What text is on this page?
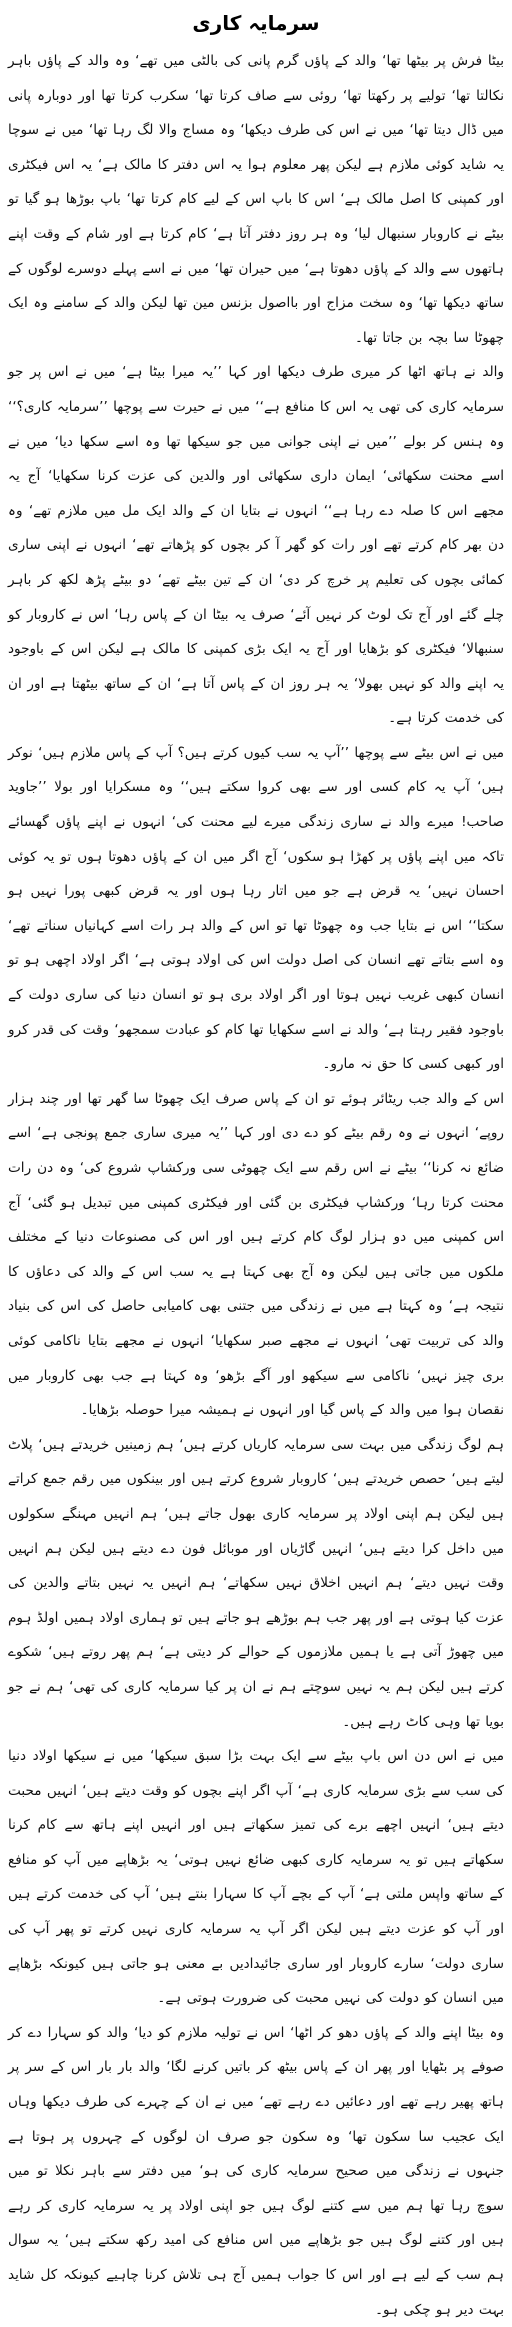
سرمایہ کاری

بیٹا فرش پر بیٹھا تھا‘ والد کے پاؤں گرم پانی کی بالٹی میں تھے‘ وہ والد کے پاؤں باہر نکالتا تھا‘ تولیے پر رکھتا تھا‘ روئی سے صاف کرتا تھا‘ سکرب کرتا تھا اور دوبارہ پانی میں ڈال دیتا تھا‘ میں نے اس کی طرف دیکھا‘ وہ مساج والا لگ رہا تھا‘ میں نے سوچا یہ شاید کوئی ملازم ہے لیکن پھر معلوم ہوا یہ اس دفتر کا مالک ہے‘ یہ اس فیکٹری اور کمپنی کا اصل مالک ہے‘ اس کا باپ اس کے لیے کام کرتا تھا‘ باپ بوڑھا ہو گیا تو بیٹے نے کاروبار سنبھال لیا‘ وہ ہر روز دفتر آتا ہے‘ کام کرتا ہے اور شام کے وقت اپنے ہاتھوں سے والد کے پاؤں دھوتا ہے‘ میں حیران تھا‘ میں نے اسے پہلے دوسرے لوگوں کے ساتھ دیکھا تھا‘ وہ سخت مزاج اور بااصول بزنس مین تھا لیکن والد کے سامنے وہ ایک چھوٹا سا بچہ بن جاتا تھا۔

والد نے ہاتھ اٹھا کر میری طرف دیکھا اور کہا ’’یہ میرا بیٹا ہے‘ میں نے اس پر جو سرمایہ کاری کی تھی یہ اس کا منافع ہے‘‘ میں نے حیرت سے پوچھا ’’سرمایہ کاری؟‘‘ وہ ہنس کر بولے ’’میں نے اپنی جوانی میں جو سیکھا تھا وہ اسے سکھا دیا‘ میں نے اسے محنت سکھائی‘ ایمان داری سکھائی اور والدین کی عزت کرنا سکھایا‘ آج یہ مجھے اس کا صلہ دے رہا ہے‘‘ انہوں نے بتایا ان کے والد ایک مل میں ملازم تھے‘ وہ دن بھر کام کرتے تھے اور رات کو گھر آ کر بچوں کو پڑھاتے تھے‘ انہوں نے اپنی ساری کمائی بچوں کی تعلیم پر خرچ کر دی‘ ان کے تین بیٹے تھے‘ دو بیٹے پڑھ لکھ کر باہر چلے گئے اور آج تک لوٹ کر نہیں آئے‘ صرف یہ بیٹا ان کے پاس رہا‘ اس نے کاروبار کو سنبھالا‘ فیکٹری کو بڑھایا اور آج یہ ایک بڑی کمپنی کا مالک ہے لیکن اس کے باوجود یہ اپنے والد کو نہیں بھولا‘ یہ ہر روز ان کے پاس آتا ہے‘ ان کے ساتھ بیٹھتا ہے اور ان کی خدمت کرتا ہے۔

میں نے اس بیٹے سے پوچھا ’’آپ یہ سب کیوں کرتے ہیں؟ آپ کے پاس ملازم ہیں‘ نوکر ہیں‘ آپ یہ کام کسی اور سے بھی کروا سکتے ہیں‘‘ وہ مسکرایا اور بولا ’’جاوید صاحب! میرے والد نے ساری زندگی میرے لیے محنت کی‘ انہوں نے اپنے پاؤں گھسائے تاکہ میں اپنے پاؤں پر کھڑا ہو سکوں‘ آج اگر میں ان کے پاؤں دھوتا ہوں تو یہ کوئی احسان نہیں‘ یہ قرض ہے جو میں اتار رہا ہوں اور یہ قرض کبھی پورا نہیں ہو سکتا‘‘ اس نے بتایا جب وہ چھوٹا تھا تو اس کے والد ہر رات اسے کہانیاں سناتے تھے‘ وہ اسے بتاتے تھے انسان کی اصل دولت اس کی اولاد ہوتی ہے‘ اگر اولاد اچھی ہو تو انسان کبھی غریب نہیں ہوتا اور اگر اولاد بری ہو تو انسان دنیا کی ساری دولت کے باوجود فقیر رہتا ہے‘ والد نے اسے سکھایا تھا کام کو عبادت سمجھو‘ وقت کی قدر کرو اور کبھی کسی کا حق نہ مارو۔

اس کے والد جب ریٹائر ہوئے تو ان کے پاس صرف ایک چھوٹا سا گھر تھا اور چند ہزار روپے‘ انہوں نے وہ رقم بیٹے کو دے دی اور کہا ’’یہ میری ساری جمع پونجی ہے‘ اسے ضائع نہ کرنا‘‘ بیٹے نے اس رقم سے ایک چھوٹی سی ورکشاپ شروع کی‘ وہ دن رات محنت کرتا رہا‘ ورکشاپ فیکٹری بن گئی اور فیکٹری کمپنی میں تبدیل ہو گئی‘ آج اس کمپنی میں دو ہزار لوگ کام کرتے ہیں اور اس کی مصنوعات دنیا کے مختلف ملکوں میں جاتی ہیں لیکن وہ آج بھی کہتا ہے یہ سب اس کے والد کی دعاؤں کا نتیجہ ہے‘ وہ کہتا ہے میں نے زندگی میں جتنی بھی کامیابی حاصل کی اس کی بنیاد والد کی تربیت تھی‘ انہوں نے مجھے صبر سکھایا‘ انہوں نے مجھے بتایا ناکامی کوئی بری چیز نہیں‘ ناکامی سے سیکھو اور آگے بڑھو‘ وہ کہتا ہے جب بھی کاروبار میں نقصان ہوا میں والد کے پاس گیا اور انہوں نے ہمیشہ میرا حوصلہ بڑھایا۔

ہم لوگ زندگی میں بہت سی سرمایہ کاریاں کرتے ہیں‘ ہم زمینیں خریدتے ہیں‘ پلاٹ لیتے ہیں‘ حصص خریدتے ہیں‘ کاروبار شروع کرتے ہیں اور بینکوں میں رقم جمع کراتے ہیں لیکن ہم اپنی اولاد پر سرمایہ کاری بھول جاتے ہیں‘ ہم انہیں مہنگے سکولوں میں داخل کرا دیتے ہیں‘ انہیں گاڑیاں اور موبائل فون دے دیتے ہیں لیکن ہم انہیں وقت نہیں دیتے‘ ہم انہیں اخلاق نہیں سکھاتے‘ ہم انہیں یہ نہیں بتاتے والدین کی عزت کیا ہوتی ہے اور پھر جب ہم بوڑھے ہو جاتے ہیں تو ہماری اولاد ہمیں اولڈ ہوم میں چھوڑ آتی ہے یا ہمیں ملازموں کے حوالے کر دیتی ہے‘ ہم پھر روتے ہیں‘ شکوے کرتے ہیں لیکن ہم یہ نہیں سوچتے ہم نے ان پر کیا سرمایہ کاری کی تھی‘ ہم نے جو بویا تھا وہی کاٹ رہے ہیں۔

میں نے اس دن اس باپ بیٹے سے ایک بہت بڑا سبق سیکھا‘ میں نے سیکھا اولاد دنیا کی سب سے بڑی سرمایہ کاری ہے‘ آپ اگر اپنے بچوں کو وقت دیتے ہیں‘ انہیں محبت دیتے ہیں‘ انہیں اچھے برے کی تمیز سکھاتے ہیں اور انہیں اپنے ہاتھ سے کام کرنا سکھاتے ہیں تو یہ سرمایہ کاری کبھی ضائع نہیں ہوتی‘ یہ بڑھاپے میں آپ کو منافع کے ساتھ واپس ملتی ہے‘ آپ کے بچے آپ کا سہارا بنتے ہیں‘ آپ کی خدمت کرتے ہیں اور آپ کو عزت دیتے ہیں لیکن اگر آپ یہ سرمایہ کاری نہیں کرتے تو پھر آپ کی ساری دولت‘ سارے کاروبار اور ساری جائیدادیں بے معنی ہو جاتی ہیں کیونکہ بڑھاپے میں انسان کو دولت کی نہیں محبت کی ضرورت ہوتی ہے۔

وہ بیٹا اپنے والد کے پاؤں دھو کر اٹھا‘ اس نے تولیہ ملازم کو دیا‘ والد کو سہارا دے کر صوفے پر بٹھایا اور پھر ان کے پاس بیٹھ کر باتیں کرنے لگا‘ والد بار بار اس کے سر پر ہاتھ پھیر رہے تھے اور دعائیں دے رہے تھے‘ میں نے ان کے چہرے کی طرف دیکھا وہاں ایک عجیب سا سکون تھا‘ وہ سکون جو صرف ان لوگوں کے چہروں پر ہوتا ہے جنہوں نے زندگی میں صحیح سرمایہ کاری کی ہو‘ میں دفتر سے باہر نکلا تو میں سوچ رہا تھا ہم میں سے کتنے لوگ ہیں جو اپنی اولاد پر یہ سرمایہ کاری کر رہے ہیں اور کتنے لوگ ہیں جو بڑھاپے میں اس منافع کی امید رکھ سکتے ہیں‘ یہ سوال ہم سب کے لیے ہے اور اس کا جواب ہمیں آج ہی تلاش کرنا چاہیے کیونکہ کل شاید بہت دیر ہو چکی ہو۔
